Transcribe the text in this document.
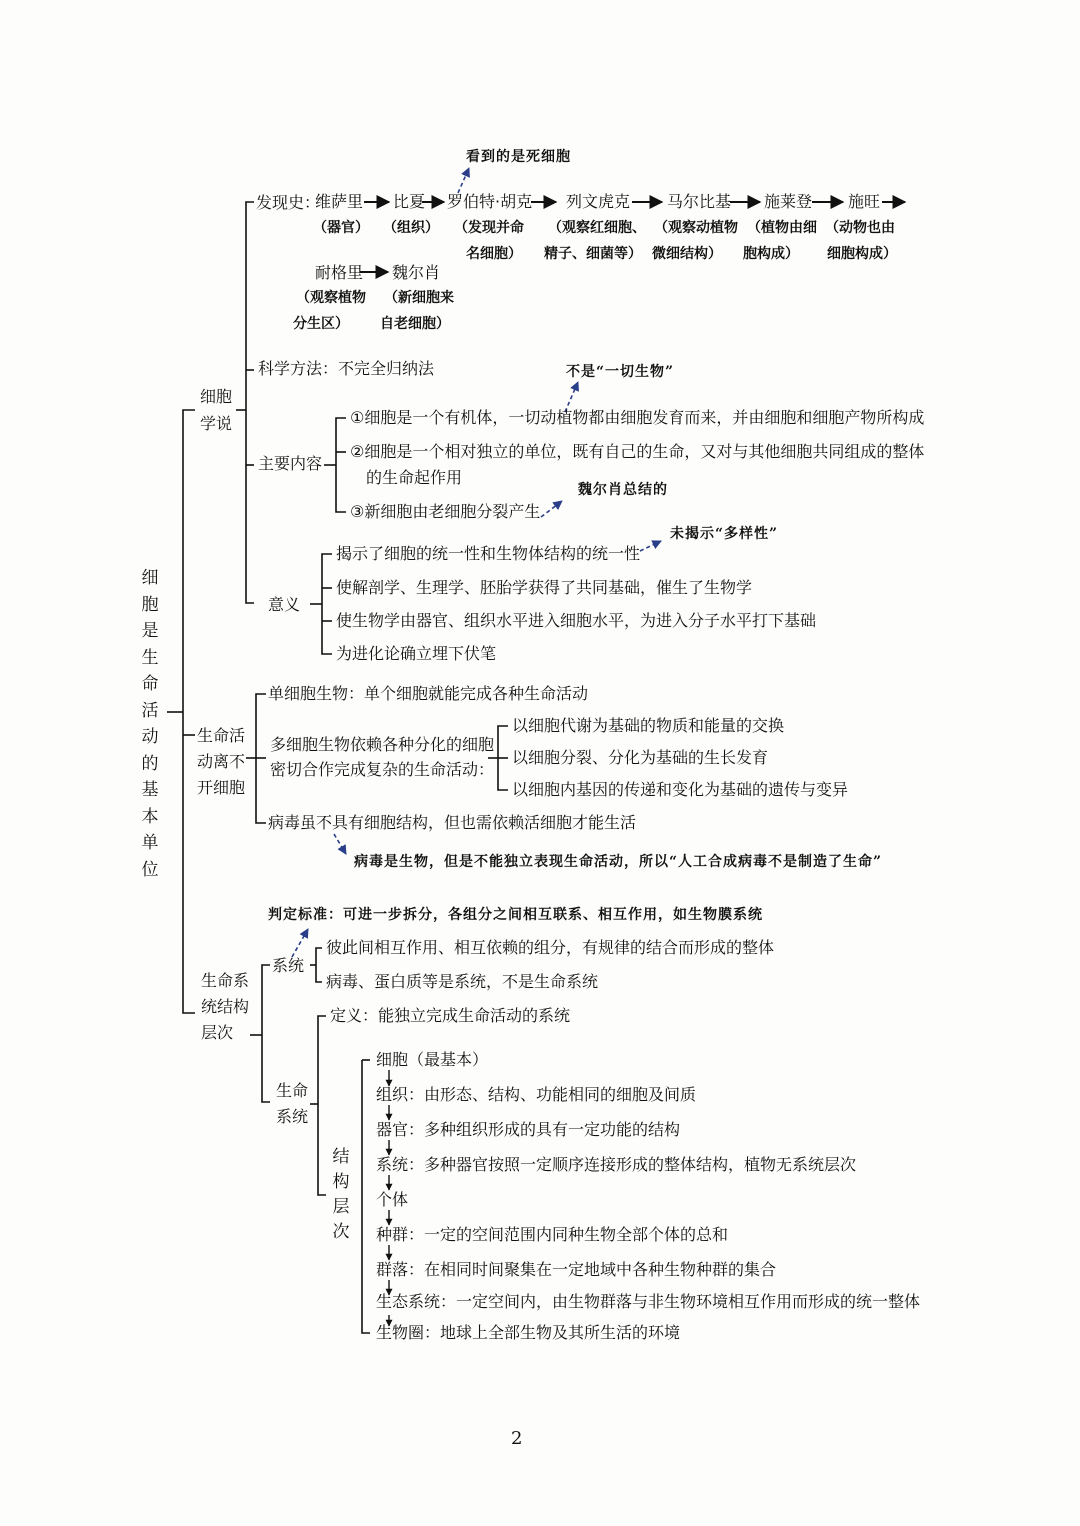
细胞是生命活动的基本单位
细胞
学说
发现史：
维萨里
（器官）
比夏
（组织）
罗伯特·胡克
（发现并命
名细胞）
看到的是死细胞
列文虎克
（观察红细胞、
精子、细菌等）
马尔比基
（观察动植物
微细结构）
施莱登
（植物由细
胞构成）
施旺
（动物也由
细胞构成）
耐格里
（观察植物
分生区）
魏尔肖
（新细胞来
自老细胞）
科学方法：不完全归纳法
主要内容
不是“一切生物”
①细胞是一个有机体，一切动植物都由细胞发育而来，并由细胞和细胞产物所构成
②细胞是一个相对独立的单位，既有自己的生命，又对与其他细胞共同组成的整体
的生命起作用
魏尔肖总结的
③新细胞由老细胞分裂产生
意义
未揭示“多样性”
揭示了细胞的统一性和生物体结构的统一性
使解剖学、生理学、胚胎学获得了共同基础，催生了生物学
使生物学由器官、组织水平进入细胞水平，为进入分子水平打下基础
为进化论确立埋下伏笔
生命活
动离不
开细胞
单细胞生物：单个细胞就能完成各种生命活动
多细胞生物依赖各种分化的细胞
密切合作完成复杂的生命活动：
以细胞代谢为基础的物质和能量的交换
以细胞分裂、分化为基础的生长发育
以细胞内基因的传递和变化为基础的遗传与变异
病毒虽不具有细胞结构，但也需依赖活细胞才能生活
病毒是生物，但是不能独立表现生命活动，所以“人工合成病毒不是制造了生命”
判定标准：可进一步拆分，各组分之间相互联系、相互作用，如生物膜系统
生命系
统结构
层次
系统
彼此间相互作用、相互依赖的组分，有规律的结合而形成的整体
病毒、蛋白质等是系统，不是生命系统
生命
系统
定义：能独立完成生命活动的系统
结构层次
细胞（最基本）
组织：由形态、结构、功能相同的细胞及间质
器官：多种组织形成的具有一定功能的结构
系统：多种器官按照一定顺序连接形成的整体结构，植物无系统层次
个体
种群：一定的空间范围内同种生物全部个体的总和
群落：在相同时间聚集在一定地域中各种生物种群的集合
生态系统：一定空间内，由生物群落与非生物环境相互作用而形成的统一整体
生物圈：地球上全部生物及其所生活的环境
2
